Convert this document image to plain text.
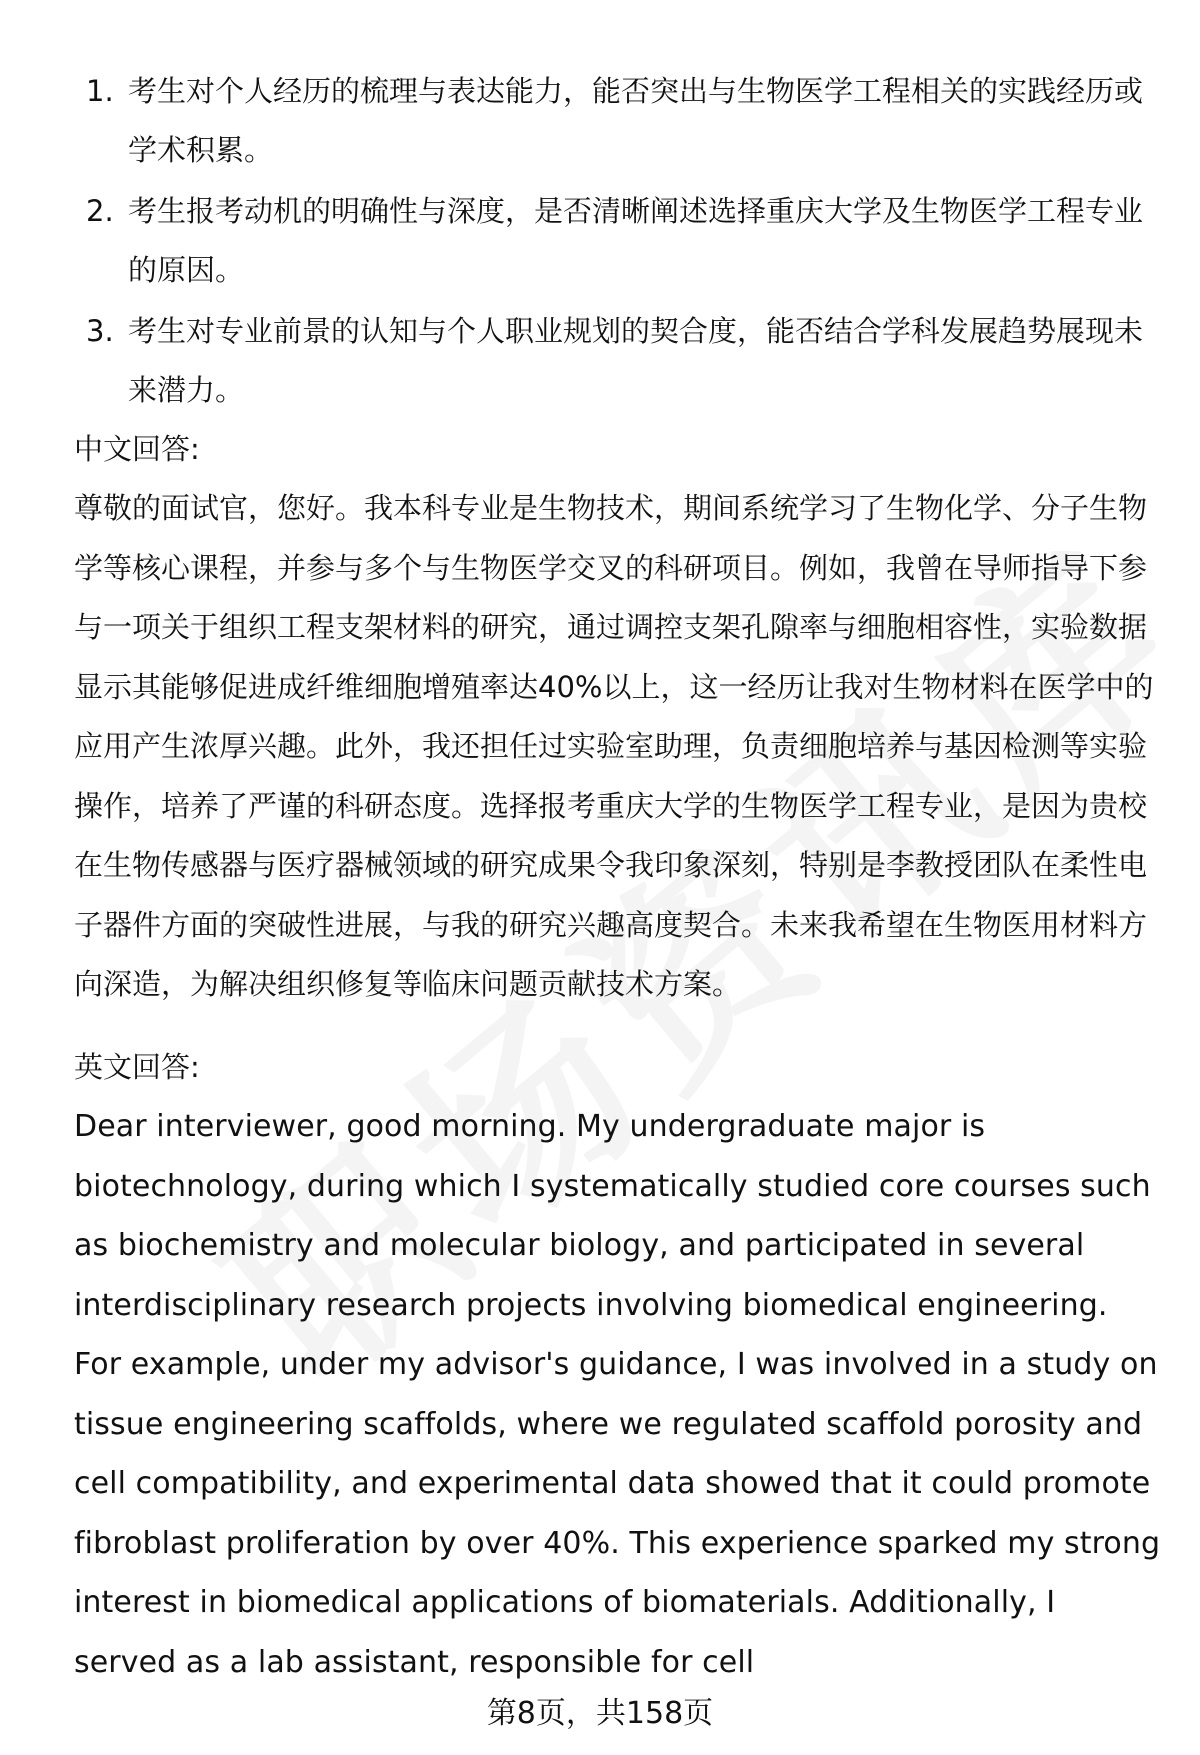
1. 考生对个人经历的梳理与表达能力，能否突出与生物医学工程相关的实践经历或学术积累。
2. 考生报考动机的明确性与深度，是否清晰阐述选择重庆大学及生物医学工程专业的原因。
3. 考生对专业前景的认知与个人职业规划的契合度，能否结合学科发展趋势展现未来潜力。
中文回答:
尊敬的面试官，您好。我本科专业是生物技术，期间系统学习了生物化学、分子生物学等核心课程，并参与多个与生物医学交叉的科研项目。例如，我曾在导师指导下参与一项关于组织工程支架材料的研究，通过调控支架孔隙率与细胞相容性，实验数据显示其能够促进成纤维细胞增殖率达40%以上，这一经历让我对生物材料在医学中的应用产生浓厚兴趣。此外，我还担任过实验室助理，负责细胞培养与基因检测等实验操作，培养了严谨的科研态度。选择报考重庆大学的生物医学工程专业，是因为贵校在生物传感器与医疗器械领域的研究成果令我印象深刻，特别是李教授团队在柔性电子器件方面的突破性进展，与我的研究兴趣高度契合。未来我希望在生物医用材料方向深造，为解决组织修复等临床问题贡献技术方案。
英文回答:
Dear interviewer, good morning. My undergraduate major is biotechnology, during which I systematically studied core courses such as biochemistry and molecular biology, and participated in several interdisciplinary research projects involving biomedical engineering. For example, under my advisor's guidance, I was involved in a study on tissue engineering scaffolds, where we regulated scaffold porosity and cell compatibility, and experimental data showed that it could promote fibroblast proliferation by over 40%. This experience sparked my strong interest in biomedical applications of biomaterials. Additionally, I served as a lab assistant, responsible for cell
第8页，共158页
